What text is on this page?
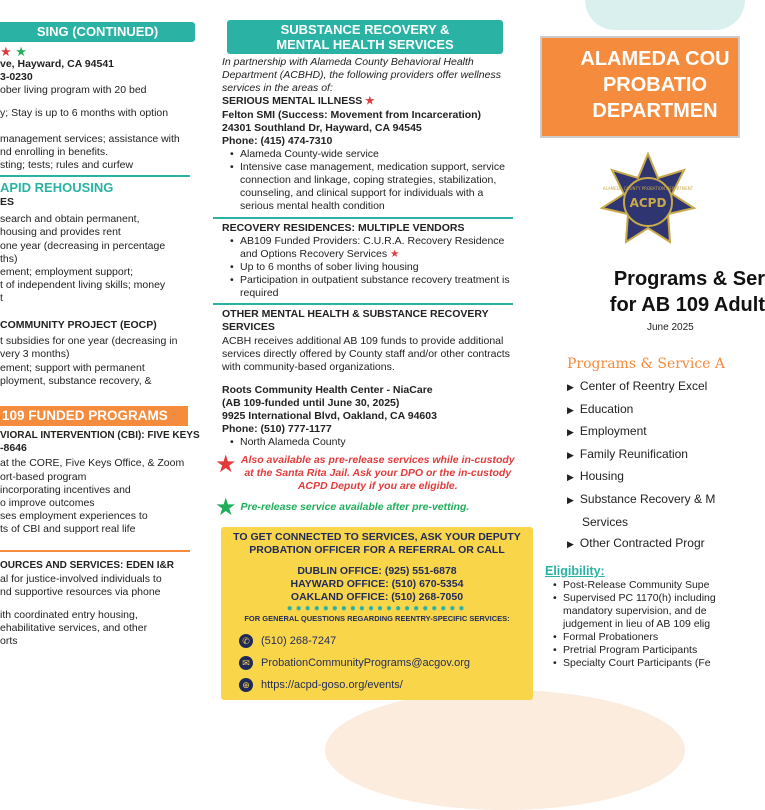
SING (CONTINUED)
★ ★
ve, Hayward, CA 94541
3-0230
ober living program with 20 bed
y; Stay is up to 6 months with option
management services; assistance with
nd enrolling in benefits.
sting; tests; rules and curfew
APID REHOUSING
ES
search and obtain permanent,
housing and provides rent
one year (decreasing in percentage
ths)
ement; employment support;
t of independent living skills; money
t
COMMUNITY PROJECT (EOCP)
t subsidies for one year (decreasing in
very 3 months)
ement; support with permanent
ployment, substance recovery, &
109 FUNDED PROGRAMS
VIORAL INTERVENTION (CBI): FIVE KEYS
-8646
at the CORE, Five Keys Office, & Zoom
ort-based program
incorporating incentives and
o improve outcomes
ses employment experiences to
ts of CBI and support real life
OURCES AND SERVICES: EDEN I&R
al for justice-involved individuals to
nd supportive resources via phone
ith coordinated entry housing,
ehabilitative services, and other
orts
SUBSTANCE RECOVERY &
MENTAL HEALTH SERVICES
In partnership with Alameda County Behavioral Health Department (ACBHD), the following providers offer wellness services in the areas of:
SERIOUS MENTAL ILLNESS ★
Felton SMI (Success: Movement from Incarceration)
24301 Southland Dr, Hayward, CA 94545
Phone: (415) 474-7310
• Alameda County-wide service
• Intensive case management, medication support, service connection and linkage, coping strategies, stabilization, counseling, and clinical support for individuals with a serious mental health condition
RECOVERY RESIDENCES: MULTIPLE VENDORS
• AB109 Funded Providers: C.U.R.A. Recovery Residence and Options Recovery Services ★
• Up to 6 months of sober living housing
• Participation in outpatient substance recovery treatment is required
OTHER MENTAL HEALTH & SUBSTANCE RECOVERY SERVICES
ACBH receives additional AB 109 funds to provide additional services directly offered by County staff and/or other contracts with community-based organizations.
Roots Community Health Center - NiaCare
(AB 109-funded until June 30, 2025)
9925 International Blvd, Oakland, CA 94603
Phone: (510) 777-1177
• North Alameda County
★ Also available as pre-release services while in-custody at the Santa Rita Jail. Ask your DPO or the in-custody ACPD Deputy if you are eligible.
★ Pre-release service available after pre-vetting.
TO GET CONNECTED TO SERVICES, ASK YOUR DEPUTY
PROBATION OFFICER FOR A REFERRAL OR CALL
DUBLIN OFFICE: (925) 551-6878
HAYWARD OFFICE: (510) 670-5354
OAKLAND OFFICE: (510) 268-7050
●●●●●●●●●●●●●●●●●●●●
FOR GENERAL QUESTIONS REGARDING REENTRY-SPECIFIC SERVICES:
✆ (510) 268-7247
✉ ProbationCommunityPrograms@acgov.org
⊕ https://acpd-goso.org/events/
ALAMEDA COU
PROBATIO
DEPARTMEN
ACPD
ALAMEDA COUNTY PROBATION DEPARTMENT
Programs & Ser
for AB 109 Adult
June 2025
Programs & Service A
▶ Center of Reentry Excel
▶ Education
▶ Employment
▶ Family Reunification
▶ Housing
▶ Substance Recovery & M
Services
▶ Other Contracted Progr
Eligibility:
• Post-Release Community Supe
• Supervised PC 1170(h) including
mandatory supervision, and de
judgement in lieu of AB 109 elig
• Formal Probationers
• Pretrial Program Participants
• Specialty Court Participants (Fe
